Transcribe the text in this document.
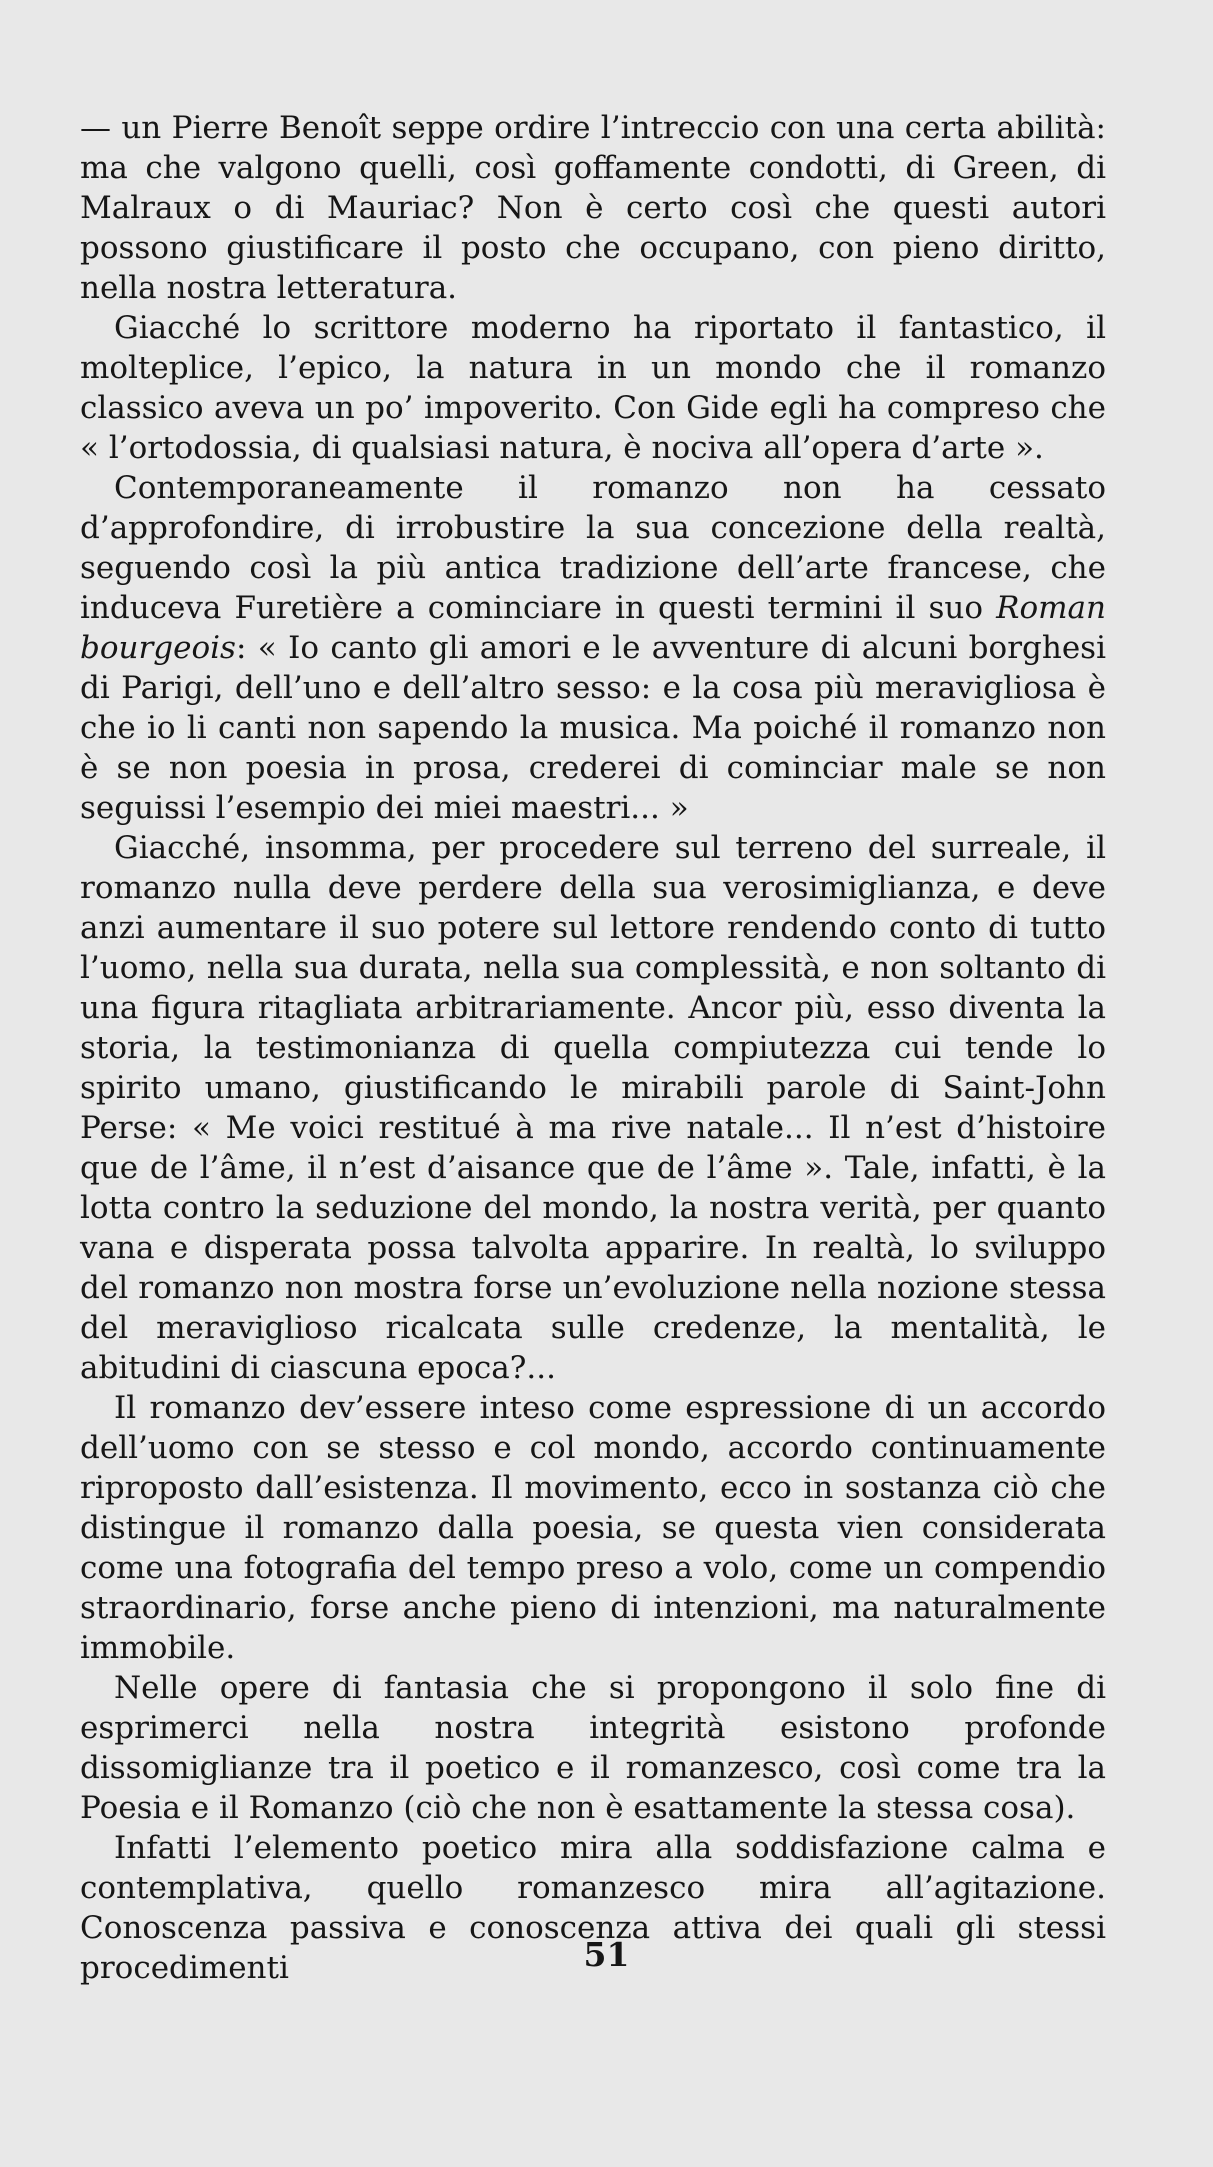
— un Pierre Benoît seppe ordire l’intreccio con una certa abilità: ma che valgono quelli, così goffamente condotti, di Green, di Malraux o di Mauriac? Non è certo così che questi autori possono giustificare il posto che occupano, con pieno diritto, nella nostra letteratura.

Giacché lo scrittore moderno ha riportato il fantastico, il molteplice, l’epico, la natura in un mondo che il romanzo classico aveva un po’ impoverito. Con Gide egli ha compreso che « l’ortodossia, di qualsiasi natura, è nociva all’opera d’arte ».

Contemporaneamente il romanzo non ha cessato d’approfondire, di irrobustire la sua concezione della realtà, seguendo così la più antica tradizione dell’arte francese, che induceva Furetière a cominciare in questi termini il suo Roman bourgeois: « Io canto gli amori e le avventure di alcuni borghesi di Parigi, dell’uno e dell’altro sesso: e la cosa più meravigliosa è che io li canti non sapendo la musica. Ma poiché il romanzo non è se non poesia in prosa, crederei di cominciar male se non seguissi l’esempio dei miei maestri... »

Giacché, insomma, per procedere sul terreno del surreale, il romanzo nulla deve perdere della sua verosimiglianza, e deve anzi aumentare il suo potere sul lettore rendendo conto di tutto l’uomo, nella sua durata, nella sua complessità, e non soltanto di una figura ritagliata arbitrariamente. Ancor più, esso diventa la storia, la testimonianza di quella compiutezza cui tende lo spirito umano, giustificando le mirabili parole di Saint-John Perse: « Me voici restitué à ma rive natale... Il n’est d’histoire que de l’âme, il n’est d’aisance que de l’âme ». Tale, infatti, è la lotta contro la seduzione del mondo, la nostra verità, per quanto vana e disperata possa talvolta apparire. In realtà, lo sviluppo del romanzo non mostra forse un’evoluzione nella nozione stessa del meraviglioso ricalcata sulle credenze, la mentalità, le abitudini di ciascuna epoca?...

Il romanzo dev’essere inteso come espressione di un accordo dell’uomo con se stesso e col mondo, accordo continuamente riproposto dall’esistenza. Il movimento, ecco in sostanza ciò che distingue il romanzo dalla poesia, se questa vien considerata come una fotografia del tempo preso a volo, come un compendio straordinario, forse anche pieno di intenzioni, ma naturalmente immobile.

Nelle opere di fantasia che si propongono il solo fine di esprimerci nella nostra integrità esistono profonde dissomiglianze tra il poetico e il romanzesco, così come tra la Poesia e il Romanzo (ciò che non è esattamente la stessa cosa).

Infatti l’elemento poetico mira alla soddisfazione calma e contemplativa, quello romanzesco mira all’agitazione. Conoscenza passiva e conoscenza attiva dei quali gli stessi procedimenti	51
